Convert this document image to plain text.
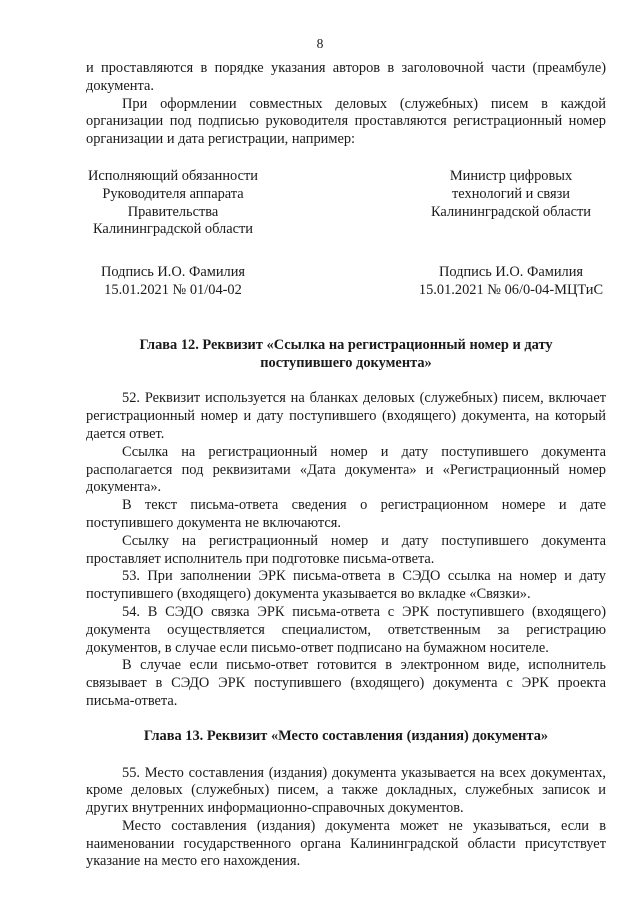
8

и проставляются в порядке указания авторов в заголовочной части (преамбуле) документа.

При оформлении совместных деловых (служебных) писем в каждой организации под подписью руководителя проставляются регистрационный номер организации и дата регистрации, например:

Исполняющий обязанности
Руководителя аппарата
Правительства
Калининградской области
Подпись И.О. Фамилия
15.01.2021 № 01/04-02
Министр цифровых
технологий и связи
Калининградской области
Подпись И.О. Фамилия
15.01.2021 № 06/0-04-МЦТиС
Глава 12. Реквизит «Ссылка на регистрационный номер и дату поступившего документа»

52. Реквизит используется на бланках деловых (служебных) писем, включает регистрационный номер и дату поступившего (входящего) документа, на который дается ответ.

Ссылка на регистрационный номер и дату поступившего документа располагается под реквизитами «Дата документа» и «Регистрационный номер документа».

В текст письма-ответа сведения о регистрационном номере и дате поступившего документа не включаются.

Ссылку на регистрационный номер и дату поступившего документа проставляет исполнитель при подготовке письма-ответа.

53. При заполнении ЭРК письма-ответа в СЭДО ссылка на номер и дату поступившего (входящего) документа указывается во вкладке «Связки».

54. В СЭДО связка ЭРК письма-ответа с ЭРК поступившего (входящего) документа осуществляется специалистом, ответственным за регистрацию документов, в случае если письмо-ответ подписано на бумажном носителе.

В случае если письмо-ответ готовится в электронном виде, исполнитель связывает в СЭДО ЭРК поступившего (входящего) документа с ЭРК проекта письма-ответа.

Глава 13. Реквизит «Место составления (издания) документа»

55. Место составления (издания) документа указывается на всех документах, кроме деловых (служебных) писем, а также докладных, служебных записок и других внутренних информационно-справочных документов.

Место составления (издания) документа может не указываться, если в наименовании государственного органа Калининградской области присутствует указание на место его нахождения.
